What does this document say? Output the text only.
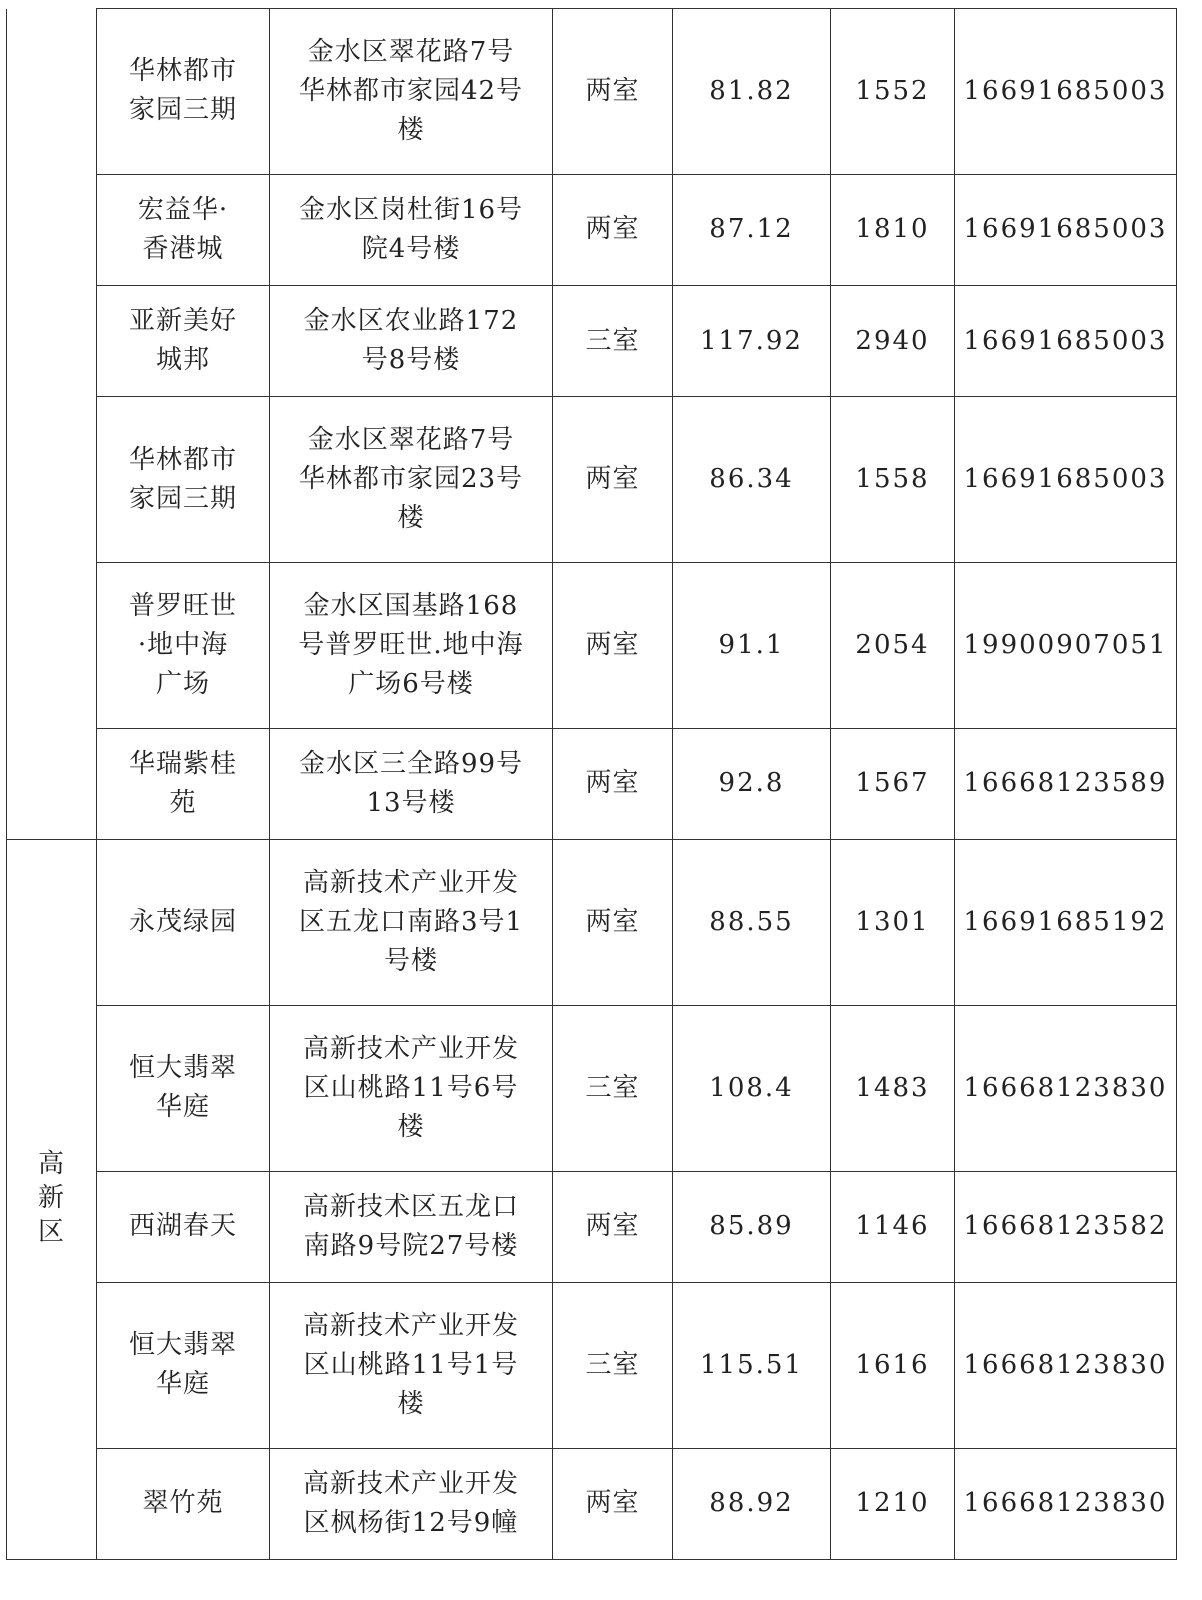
	华林都市家园三期	金水区翠花路7号华林都市家园42号楼	两室	81.82	1552	16691685003
	宏益华·香港城	金水区岗杜街16号院4号楼	两室	87.12	1810	16691685003
	亚新美好城邦	金水区农业路172号8号楼	三室	117.92	2940	16691685003
	华林都市家园三期	金水区翠花路7号华林都市家园23号楼	两室	86.34	1558	16691685003
	普罗旺世·地中海广场	金水区国基路168号普罗旺世.地中海广场6号楼	两室	91.1	2054	19900907051
	华瑞紫桂苑	金水区三全路99号13号楼	两室	92.8	1567	16668123589
高新区	永茂绿园	高新技术产业开发区五龙口南路3号1号楼	两室	88.55	1301	16691685192
	恒大翡翠华庭	高新技术产业开发区山桃路11号6号楼	三室	108.4	1483	16668123830
	西湖春天	高新技术区五龙口南路9号院27号楼	两室	85.89	1146	16668123582
	恒大翡翠华庭	高新技术产业开发区山桃路11号1号楼	三室	115.51	1616	16668123830
	翠竹苑	高新技术产业开发区枫杨街12号9幢	两室	88.92	1210	16668123830
